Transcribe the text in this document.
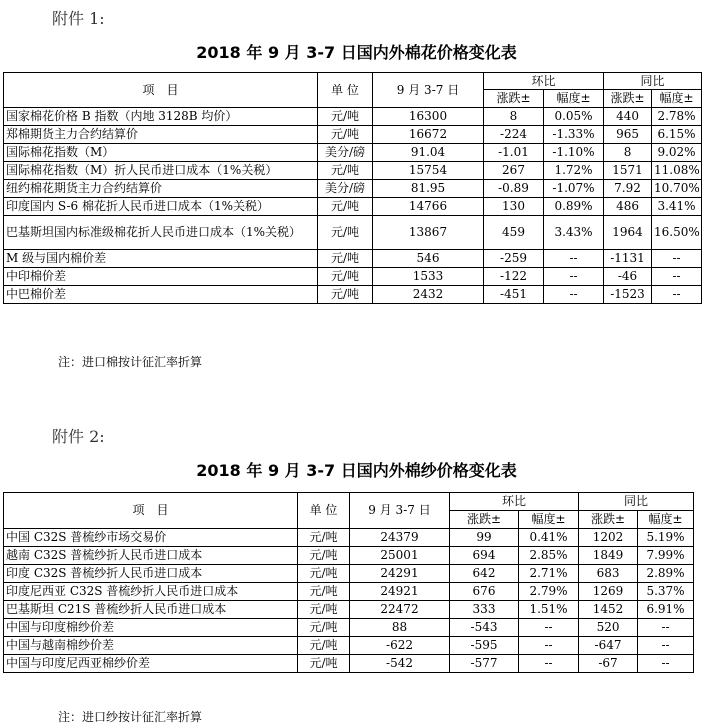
附件 1:
2018 年 9 月 3-7 日国内外棉花价格变化表
项　目	单 位	9 月 3-7 日	环比		同比	
			涨跌±	幅度±	涨跌±	幅度±
国家棉花价格 B 指数（内地 3128B 均价）	元/吨	16300	8	0.05%	440	2.78%
郑棉期货主力合约结算价	元/吨	16672	-224	-1.33%	965	6.15%
国际棉花指数（M）	美分/磅	91.04	-1.01	-1.10%	8	9.02%
国际棉花指数（M）折人民币进口成本（1%关税）	元/吨	15754	267	1.72%	1571	11.08%
纽约棉花期货主力合约结算价	美分/磅	81.95	-0.89	-1.07%	7.92	10.70%
印度国内 S-6 棉花折人民币进口成本（1%关税）	元/吨	14766	130	0.89%	486	3.41%
巴基斯坦国内标准级棉花折人民币进口成本（1%关税）	元/吨	13867	459	3.43%	1964	16.50%
M 级与国内棉价差	元/吨	546	-259	--	-1131	--
中印棉价差	元/吨	1533	-122	--	-46	--
中巴棉价差	元/吨	2432	-451	--	-1523	--
注：进口棉按计征汇率折算
附件 2:
2018 年 9 月 3-7 日国内外棉纱价格变化表
项　目	单 位	9 月 3-7 日	环比		同比	
			涨跌±	幅度±	涨跌±	幅度±
中国 C32S 普梳纱市场交易价	元/吨	24379	99	0.41%	1202	5.19%
越南 C32S 普梳纱折人民币进口成本	元/吨	25001	694	2.85%	1849	7.99%
印度 C32S 普梳纱折人民币进口成本	元/吨	24291	642	2.71%	683	2.89%
印度尼西亚 C32S 普梳纱折人民币进口成本	元/吨	24921	676	2.79%	1269	5.37%
巴基斯坦 C21S 普梳纱折人民币进口成本	元/吨	22472	333	1.51%	1452	6.91%
中国与印度棉纱价差	元/吨	88	-543	--	520	--
中国与越南棉纱价差	元/吨	-622	-595	--	-647	--
中国与印度尼西亚棉纱价差	元/吨	-542	-577	--	-67	--
注：进口纱按计征汇率折算
